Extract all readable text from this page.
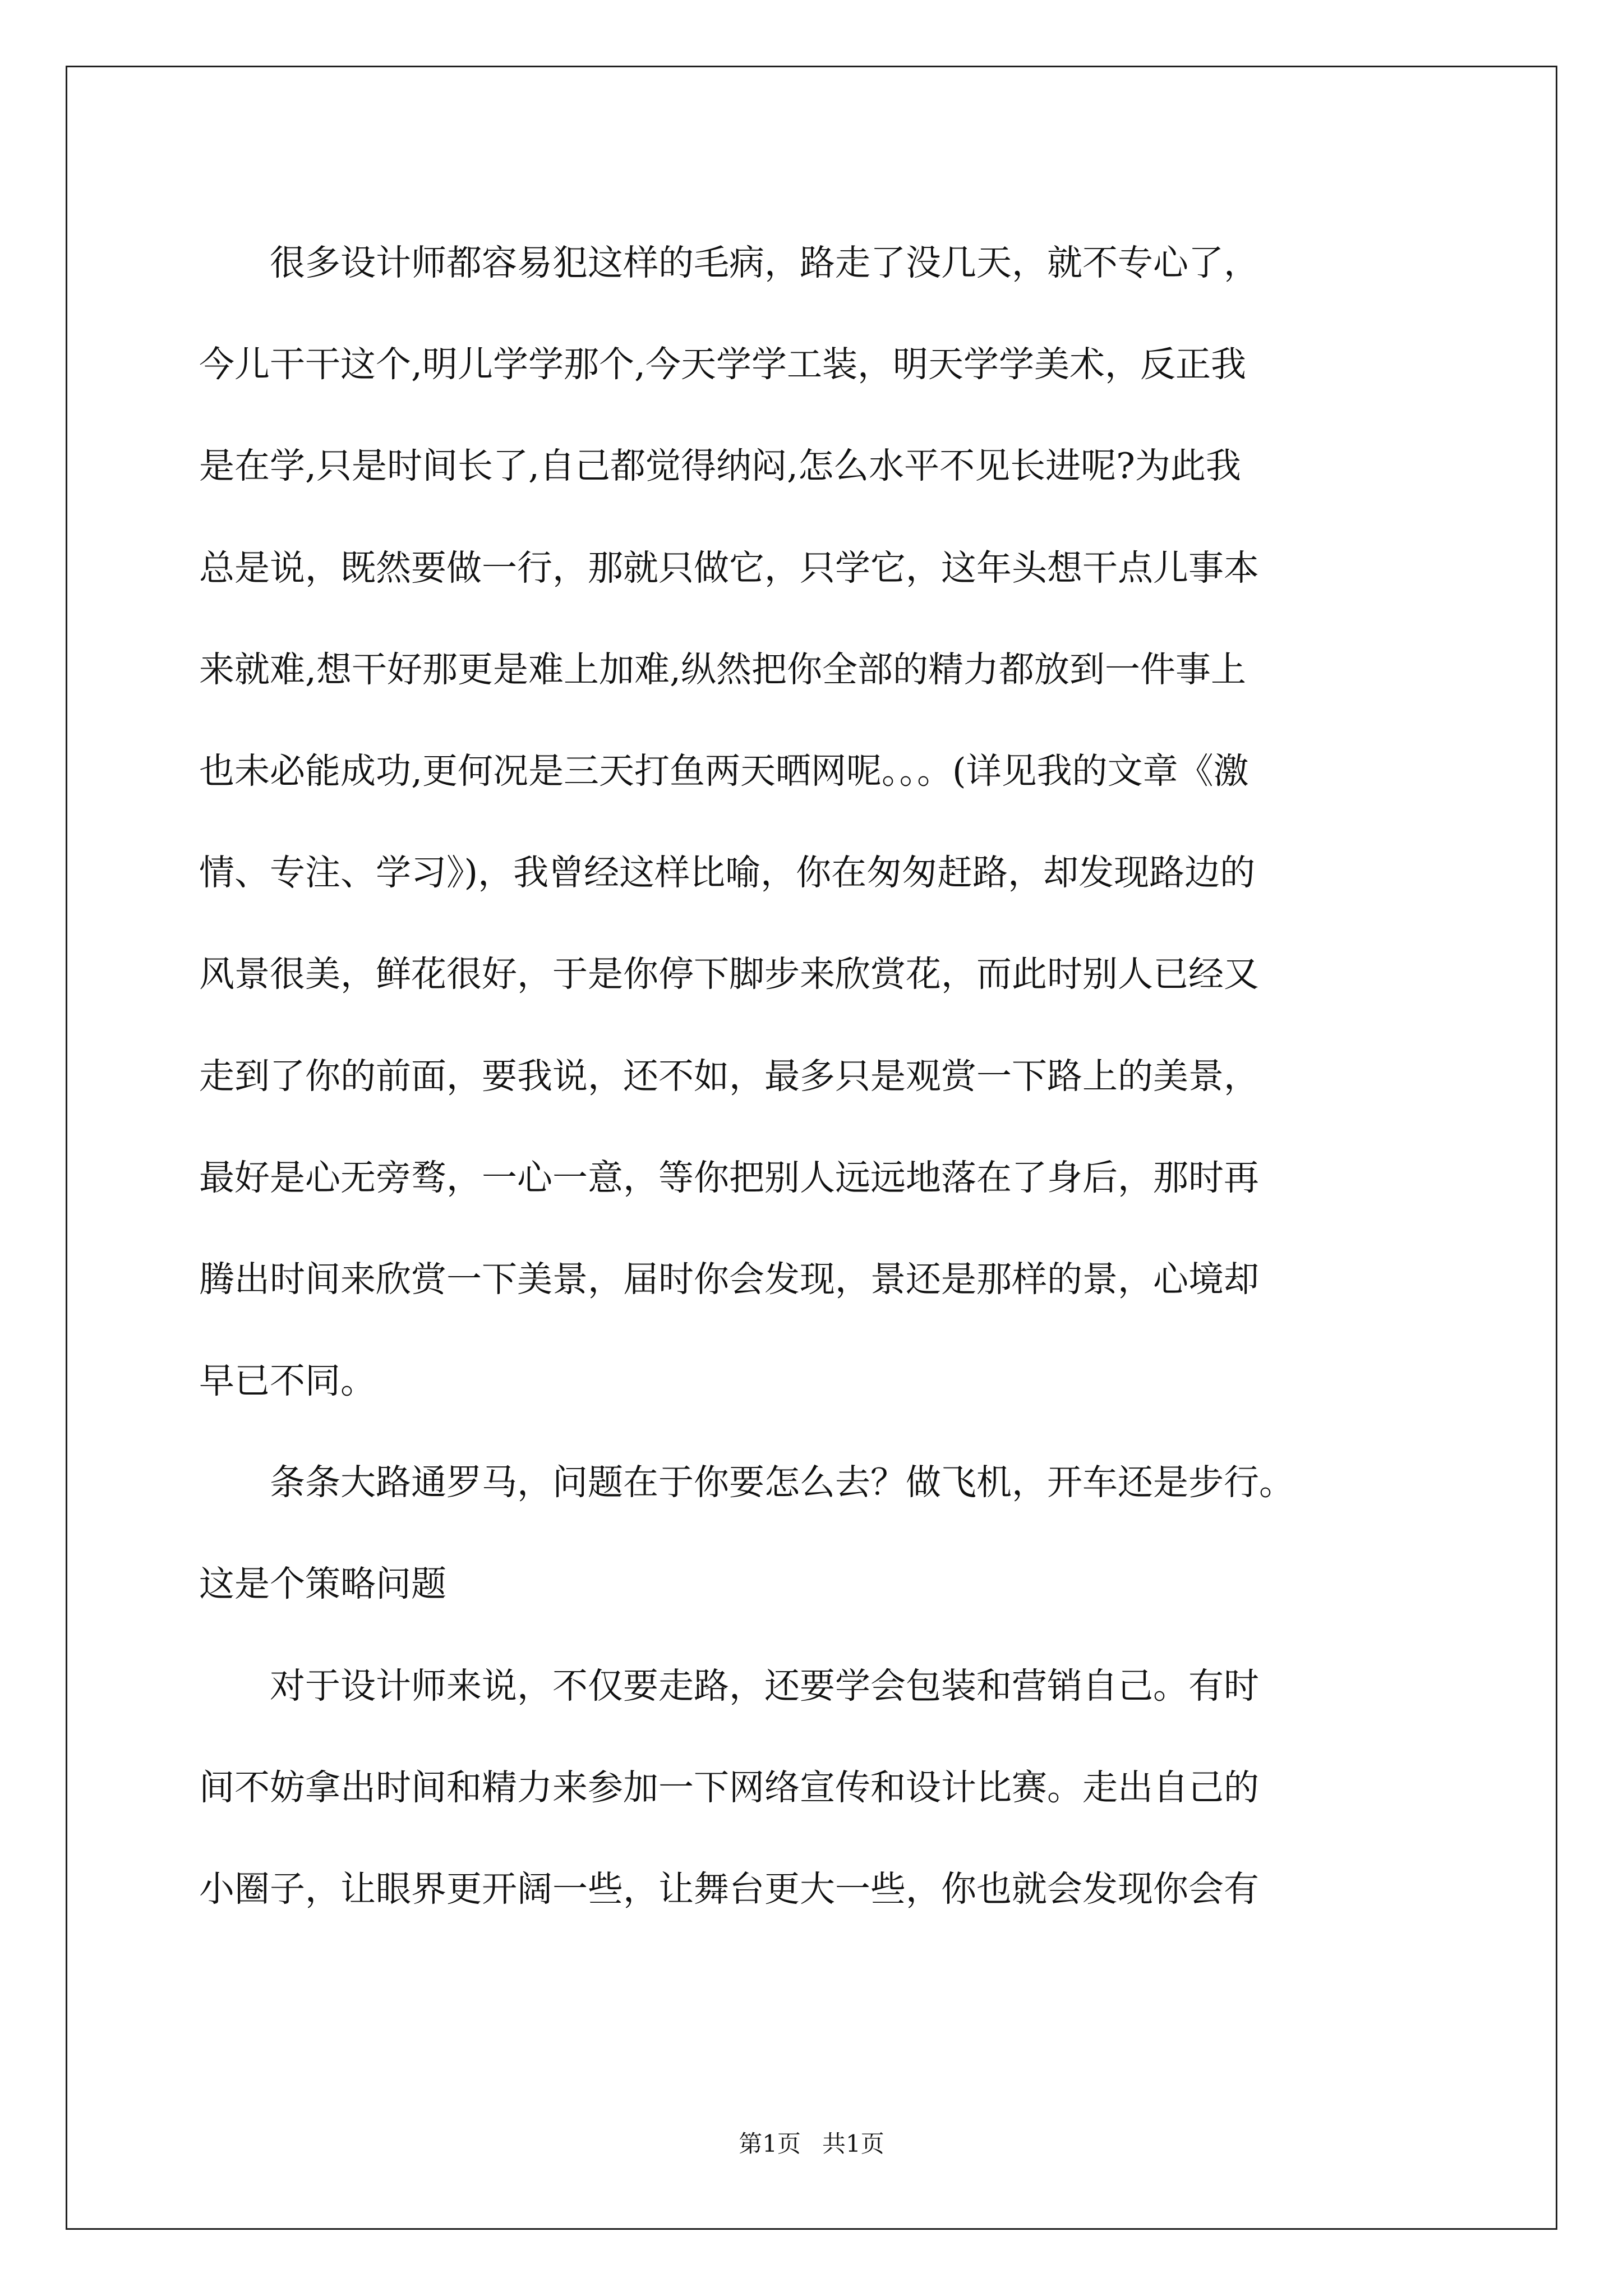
　　很多设计师都容易犯这样的毛病，路走了没几天，就不专心了，
今儿干干这个,明儿学学那个,今天学学工装，明天学学美术，反正我
是在学,只是时间长了,自己都觉得纳闷,怎么水平不见长进呢?为此我
总是说，既然要做一行，那就只做它，只学它，这年头想干点儿事本
来就难,想干好那更是难上加难,纵然把你全部的精力都放到一件事上
也未必能成功,更何况是三天打鱼两天晒网呢。。。(详见我的文章《激
情、专注、学习》)，我曾经这样比喻，你在匆匆赶路，却发现路边的
风景很美，鲜花很好，于是你停下脚步来欣赏花，而此时别人已经又
走到了你的前面，要我说，还不如，最多只是观赏一下路上的美景，
最好是心无旁骛，一心一意，等你把别人远远地落在了身后，那时再
腾出时间来欣赏一下美景，届时你会发现，景还是那样的景，心境却
早已不同。
　　条条大路通罗马，问题在于你要怎么去？做飞机，开车还是步行。
这是个策略问题
　　对于设计师来说，不仅要走路，还要学会包装和营销自己。有时
间不妨拿出时间和精力来参加一下网络宣传和设计比赛。走出自己的
小圈子，让眼界更开阔一些，让舞台更大一些，你也就会发现你会有
第1页 共1页
